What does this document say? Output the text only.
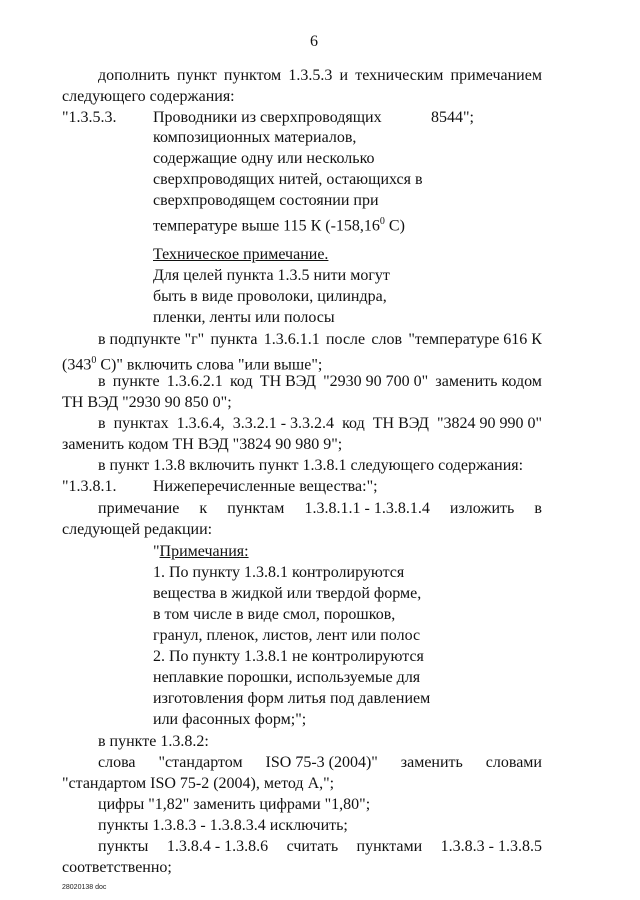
6
дополнить пункт пунктом 1.3.5.3 и техническим примечанием
следующего содержания:
"1.3.5.3. Проводники из сверхпроводящих	8544";
композиционных материалов,
содержащие одну или несколько
сверхпроводящих нитей, остающихся в
сверхпроводящем состоянии при
температуре выше 115 К (-158,16$^0$ С)
Техническое примечание.
Для целей пункта 1.3.5 нити могут
быть в виде проволоки, цилиндра,
пленки, ленты или полосы
в подпункте "г" пункта 1.3.6.1.1 после слов "температуре 616 К
($343^0$ С)" включить слова "или выше";
в пункте 1.3.6.2.1 код ТН ВЭД "2930 90 700 0" заменить кодом
ТН ВЭД "2930 90 850 0";
в пунктах 1.3.6.4, 3.3.2.1 - 3.3.2.4 код ТН ВЭД "3824 90 990 0"
заменить кодом ТН ВЭД "3824 90 980 9";
в пункт 1.3.8 включить пункт 1.3.8.1 следующего содержания:
"1.3.8.1. Нижеперечисленные вещества:";
примечание к пунктам 1.3.8.1.1 - 1.3.8.1.4 изложить в
следующей редакции:
"Примечания:
1. По пункту 1.3.8.1 контролируются
вещества в жидкой или твердой форме,
в том числе в виде смол, порошков,
гранул, пленок, листов, лент или полос
2. По пункту 1.3.8.1 не контролируются
неплавкие порошки, используемые для
изготовления форм литья под давлением
или фасонных форм;";
в пункте 1.3.8.2:
слова "стандартом ISO 75-3 (2004)" заменить словами
"стандартом ISO 75-2 (2004), метод А,";
цифры "1,82" заменить цифрами "1,80";
пункты 1.3.8.3 - 1.3.8.3.4 исключить;
пункты 1.3.8.4 - 1.3.8.6 считать пунктами 1.3.8.3 - 1.3.8.5
соответственно;
28020138 doc
